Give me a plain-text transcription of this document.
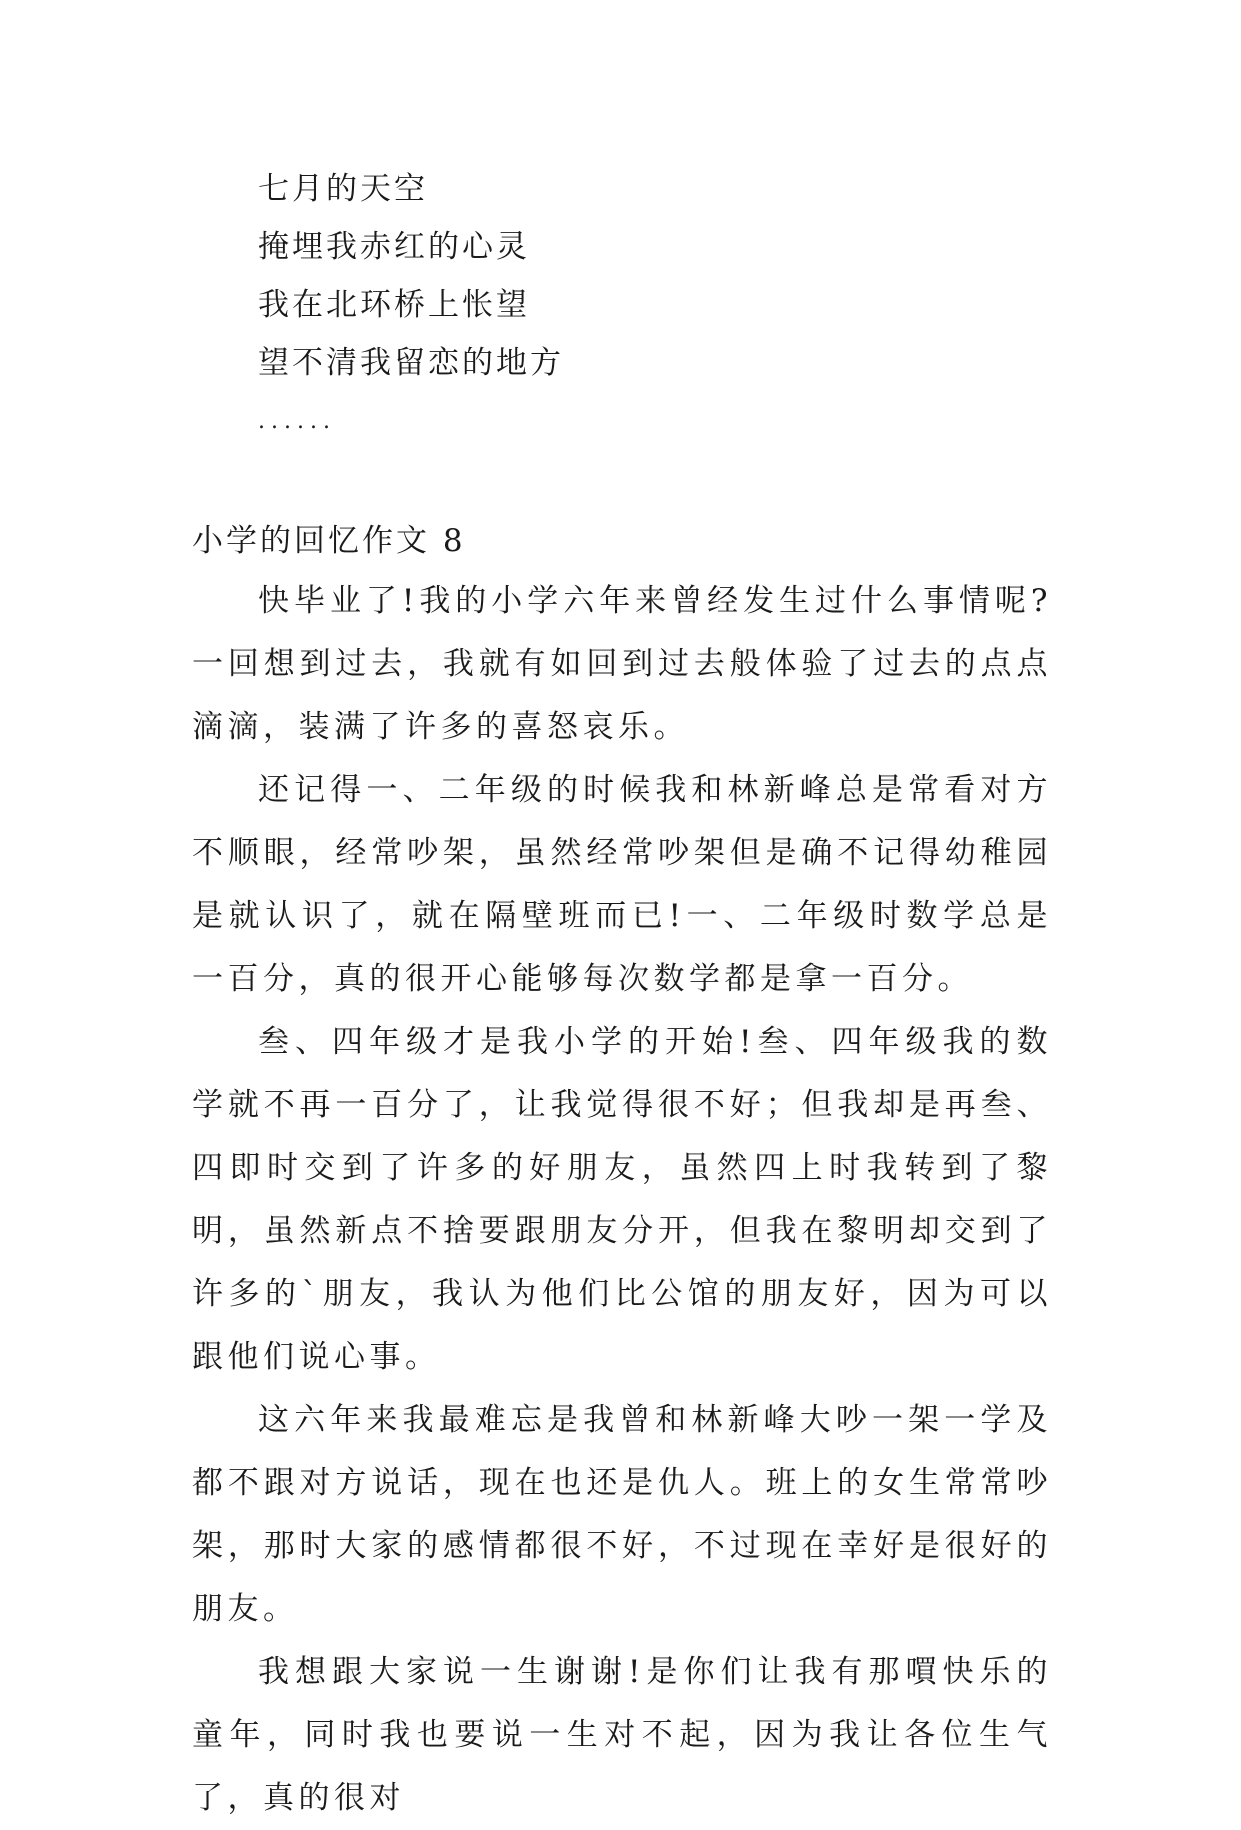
七月的天空
掩埋我赤红的心灵
我在北环桥上怅望
望不清我留恋的地方
......
小学的回忆作文 8

快毕业了!我的小学六年来曾经发生过什么事情呢?一回想到过去，我就有如回到过去般体验了过去的点点滴滴，装满了许多的喜怒哀乐。

还记得一、二年级的时候我和林新峰总是常看对方不顺眼，经常吵架，虽然经常吵架但是确不记得幼稚园是就认识了，就在隔壁班而已!一、二年级时数学总是一百分，真的很开心能够每次数学都是拿一百分。

叁、四年级才是我小学的开始!叁、四年级我的数学就不再一百分了，让我觉得很不好；但我却是再叁、四即时交到了许多的好朋友，虽然四上时我转到了黎明，虽然新点不捨要跟朋友分开，但我在黎明却交到了许多的`朋友，我认为他们比公馆的朋友好，因为可以跟他们说心事。

这六年来我最难忘是我曾和林新峰大吵一架一学及都不跟对方说话，现在也还是仇人。班上的女生常常吵架，那时大家的感情都很不好，不过现在幸好是很好的朋友。

我想跟大家说一生谢谢!是你们让我有那嘪快乐的童年，同时我也要说一生对不起，因为我让各位生气了，真的很对
